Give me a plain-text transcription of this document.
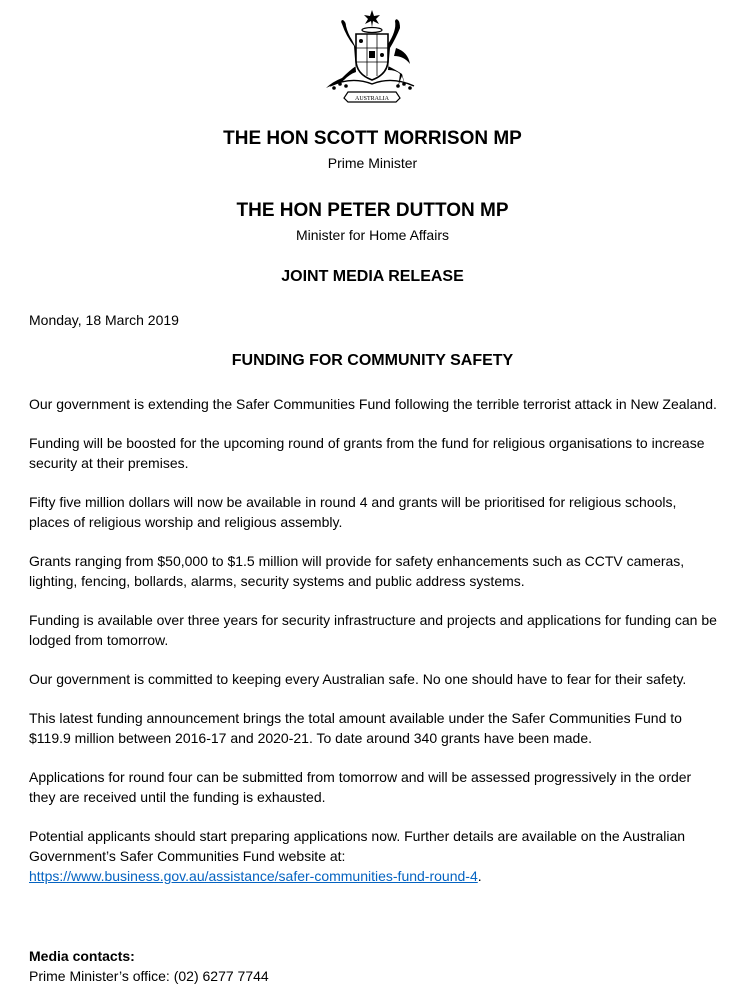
AUSTRALIA
THE HON SCOTT MORRISON MP
Prime Minister
THE HON PETER DUTTON MP
Minister for Home Affairs
JOINT MEDIA RELEASE
Monday, 18 March 2019
FUNDING FOR COMMUNITY SAFETY

Our government is extending the Safer Communities Fund following the terrible terrorist attack in New Zealand.

Funding will be boosted for the upcoming round of grants from the fund for religious organisations to increase security at their premises.

Fifty five million dollars will now be available in round 4 and grants will be prioritised for religious schools, places of religious worship and religious assembly.

Grants ranging from $50,000 to $1.5 million will provide for safety enhancements such as CCTV cameras, lighting, fencing, bollards, alarms, security systems and public address systems.

Funding is available over three years for security infrastructure and projects and applications for funding can be lodged from tomorrow.

Our government is committed to keeping every Australian safe. No one should have to fear for their safety.

This latest funding announcement brings the total amount available under the Safer Communities Fund to $119.9 million between 2016-17 and 2020-21. To date around 340 grants have been made.

Applications for round four can be submitted from tomorrow and will be assessed progressively in the order they are received until the funding is exhausted.

Potential applicants should start preparing applications now. Further details are available on the Australian Government’s Safer Communities Fund website at:
https://www.business.gov.au/assistance/safer-communities-fund-round-4.

Media contacts:
Prime Minister’s office: (02) 6277 7744
